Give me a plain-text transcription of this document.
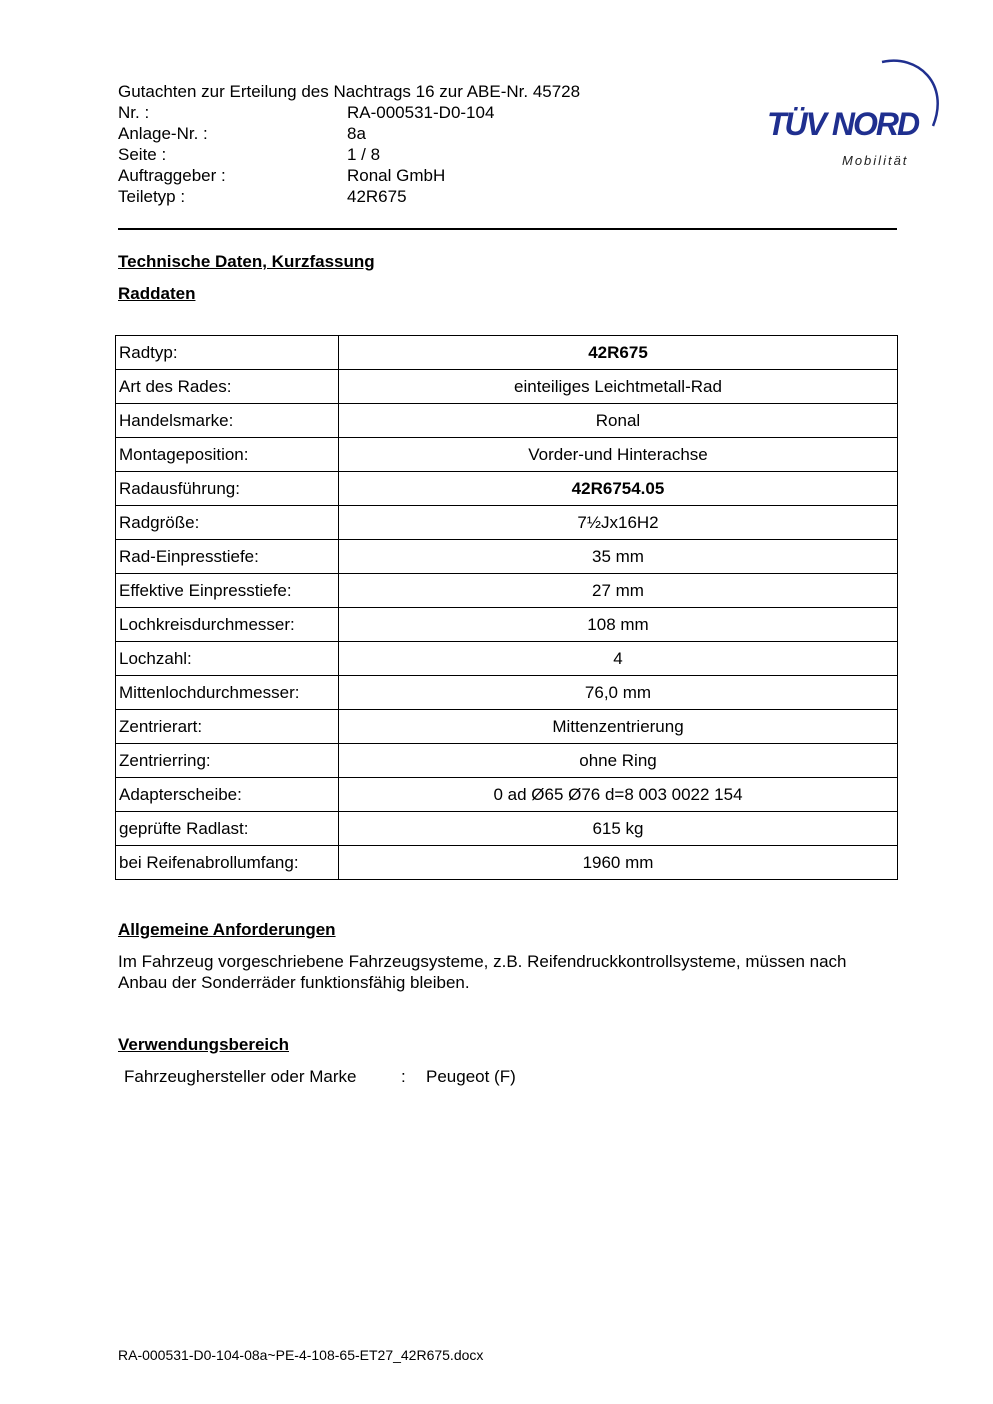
Gutachten zur Erteilung des Nachtrags 16 zur ABE-Nr. 45728
Nr. :	RA-000531-D0-104
Anlage-Nr. :	8a
Seite :	1 / 8
Auftraggeber :	Ronal GmbH
Teiletyp :	42R675
TÜV NORD
Mobilität
Technische Daten, Kurzfassung
Raddaten
Radtyp:	42R675
Art des Rades:	einteiliges Leichtmetall-Rad
Handelsmarke:	Ronal
Montageposition:	Vorder-und Hinterachse
Radausführung:	42R6754.05
Radgröße:	7½Jx16H2
Rad-Einpresstiefe:	35 mm
Effektive Einpresstiefe:	27 mm
Lochkreisdurchmesser:	108 mm
Lochzahl:	4
Mittenlochdurchmesser:	76,0 mm
Zentrierart:	Mittenzentrierung
Zentrierring:	ohne Ring
Adapterscheibe:	0 ad Ø65 Ø76 d=8 003 0022 154
geprüfte Radlast:	615 kg
bei Reifenabrollumfang:	1960 mm
Allgemeine Anforderungen
Im Fahrzeug vorgeschriebene Fahrzeugsysteme, z.B. Reifendruckkontrollsysteme, müssen nach Anbau der Sonderräder funktionsfähig bleiben.
Verwendungsbereich
Fahrzeughersteller oder Marke	:	Peugeot (F)
RA-000531-D0-104-08a~PE-4-108-65-ET27_42R675.docx
